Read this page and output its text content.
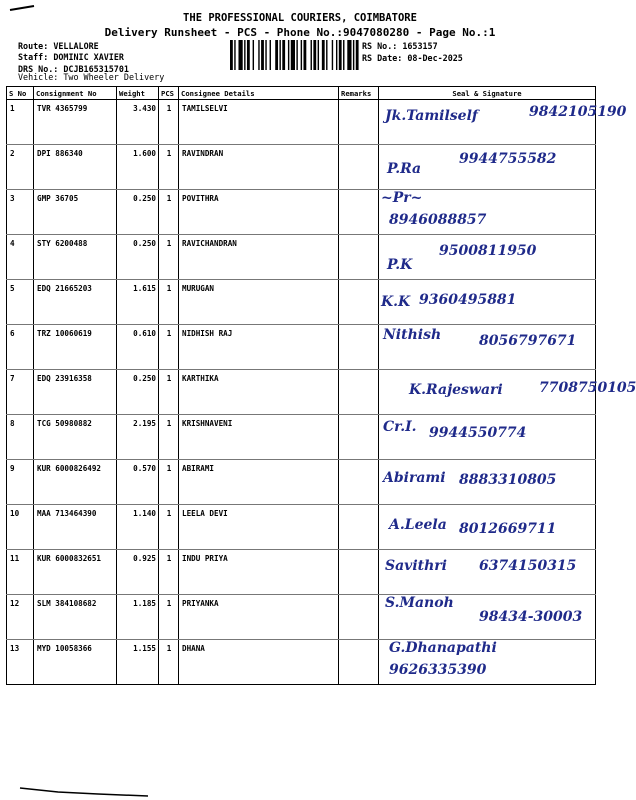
THE PROFESSIONAL COURIERS, COIMBATORE
Delivery Runsheet - PCS - Phone No.:9047080280 - Page No.:1
Route: VELLALORE
Staff: DOMINIC XAVIER
DRS No.: DCJB165315701
RS No.: 1653157
RS Date: 08-Dec-2025
Vehicle: Two Wheeler Delivery
S No	Consignment No	Weight	PCS	Consignee Details	Remarks	Seal & Signature
1	TVR 4365799	3.430	1	TAMILSELVI		Jk.Tamilself 9842105190

2	DPI 886340	1.600	1	RAVINDRAN		P.Ra
9944755582

3	GMP 36705	0.250	1	POVITHRA		~Pr~
8946088857

4	STY 6200488	0.250	1	RAVICHANDRAN		P.K
9500811950

5	EDQ 21665203	1.615	1	MURUGAN		K.K 9360495881

6	TRZ 10060619	0.610	1	NIDHISH RAJ		Nithish 8056797671

7	EDQ 23916358	0.250	1	KARTHIKA		K.Rajeswari 7708750105

8	TCG 50980882	2.195	1	KRISHNAVENI		Cr.I. 9944550774

9	KUR 6000826492	0.570	1	ABIRAMI		Abirami 8883310805

10	MAA 713464390	1.140	1	LEELA DEVI		A.Leela 8012669711

11	KUR 6000832651	0.925	1	INDU PRIYA		Savithri 6374150315

12	SLM 384108682	1.185	1	PRIYANKA		S.Manoh
98434-30003

13	MYD 10058366	1.155	1	DHANA		G.Dhanapathi
9626335390
